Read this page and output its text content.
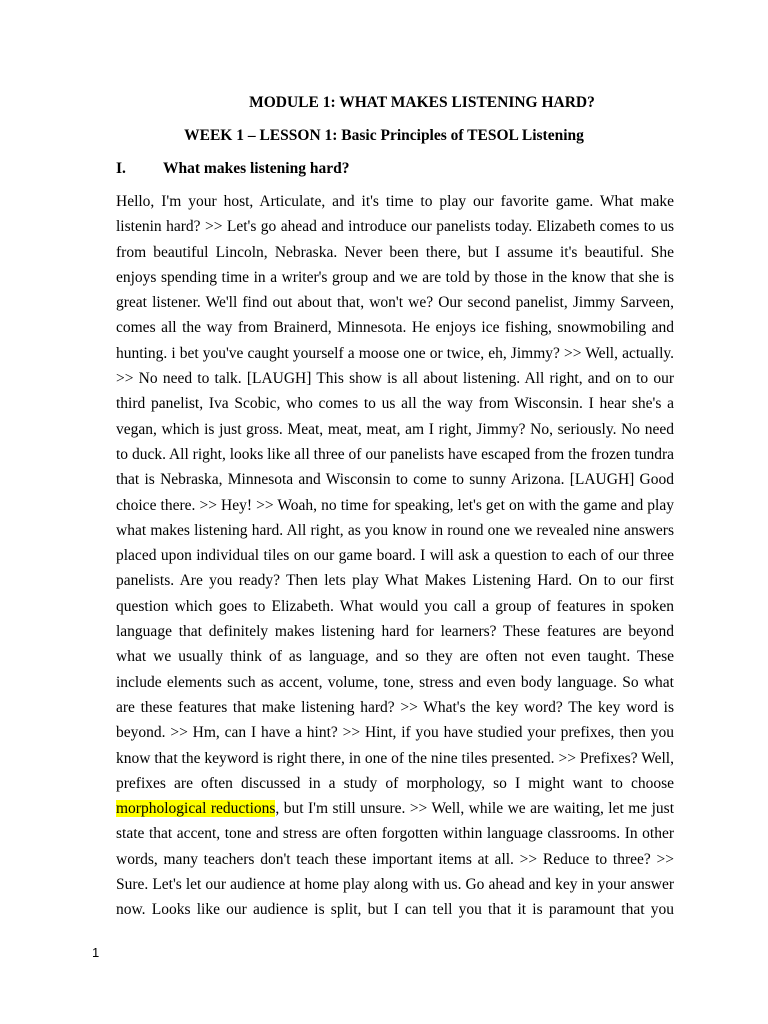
MODULE 1: WHAT MAKES LISTENING HARD?
WEEK 1 – LESSON 1: Basic Principles of TESOL Listening
I. What makes listening hard?
Hello, I'm your host, Articulate, and it's time to play our favorite game. What make
listenin hard? >> Let's go ahead and introduce our panelists today. Elizabeth comes to us
from beautiful Lincoln, Nebraska. Never been there, but I assume it's beautiful. She
enjoys spending time in a writer's group and we are told by those in the know that she is
great listener. We'll find out about that, won't we? Our second panelist, Jimmy Sarveen,
comes all the way from Brainerd, Minnesota. He enjoys ice fishing, snowmobiling and
hunting. i bet you've caught yourself a moose one or twice, eh, Jimmy? >> Well, actually.
>> No need to talk. [LAUGH] This show is all about listening. All right, and on to our
third panelist, Iva Scobic, who comes to us all the way from Wisconsin. I hear she's a
vegan, which is just gross. Meat, meat, meat, am I right, Jimmy? No, seriously. No need
to duck. All right, looks like all three of our panelists have escaped from the frozen tundra
that is Nebraska, Minnesota and Wisconsin to come to sunny Arizona. [LAUGH] Good
choice there. >> Hey! >> Woah, no time for speaking, let's get on with the game and play
what makes listening hard. All right, as you know in round one we revealed nine answers
placed upon individual tiles on our game board. I will ask a question to each of our three
panelists. Are you ready? Then lets play What Makes Listening Hard. On to our first
question which goes to Elizabeth. What would you call a group of features in spoken
language that definitely makes listening hard for learners? These features are beyond
what we usually think of as language, and so they are often not even taught. These
include elements such as accent, volume, tone, stress and even body language. So what
are these features that make listening hard? >> What's the key word? The key word is
beyond. >> Hm, can I have a hint? >> Hint, if you have studied your prefixes, then you
know that the keyword is right there, in one of the nine tiles presented. >> Prefixes? Well,
prefixes are often discussed in a study of morphology, so I might want to choose
morphological reductions, but I'm still unsure. >> Well, while we are waiting, let me just
state that accent, tone and stress are often forgotten within language classrooms. In other
words, many teachers don't teach these important items at all. >> Reduce to three? >>
Sure. Let's let our audience at home play along with us. Go ahead and key in your answer
now. Looks like our audience is split, but I can tell you that it is paramount that you
1
